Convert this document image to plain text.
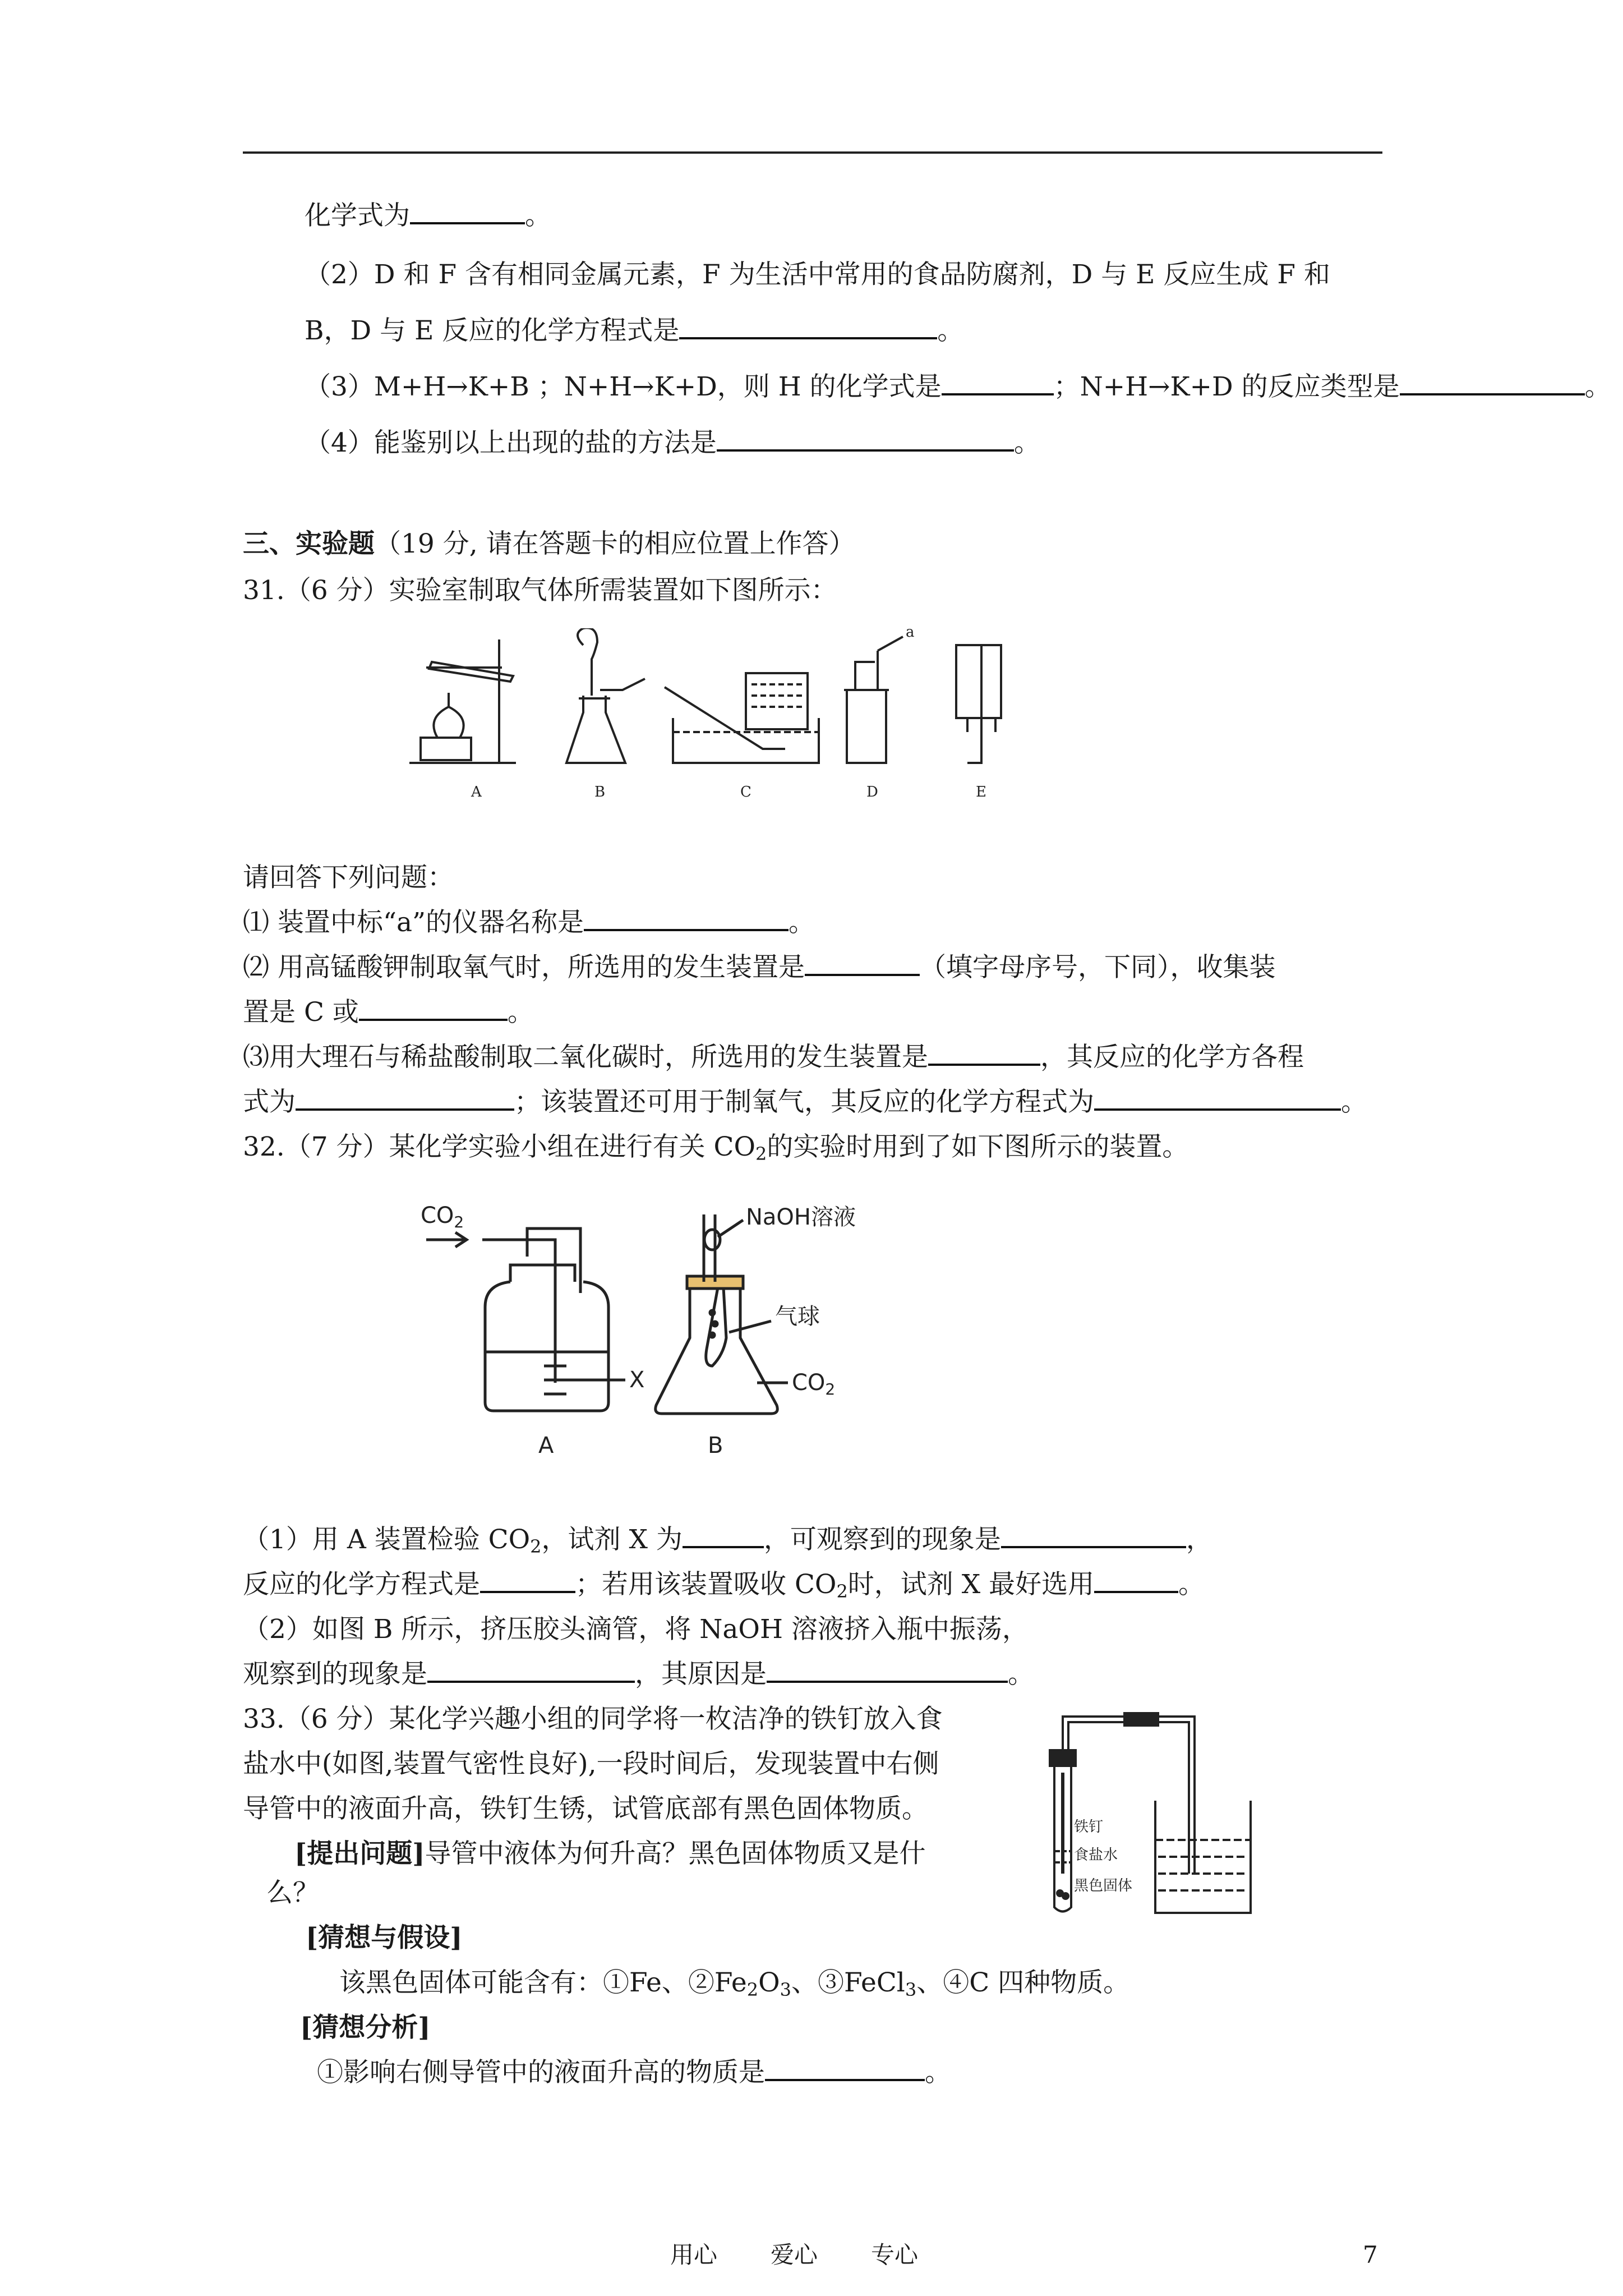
化学式为	。
（2）D 和 F 含有相同金属元素，F 为生活中常用的食品防腐剂，D 与 E 反应生成 F 和
B，D 与 E 反应的化学方程式是	。
（3）M+H→K+B ；N+H→K+D，则 H 的化学式是	；N+H→K+D 的反应类型是	。
（4）能鉴别以上出现的盐的方法是	。
三、实验题（19 分, 请在答题卡的相应位置上作答）
31.（6 分）实验室制取气体所需装置如下图所示：
A	B	C	D	E
a
请回答下列问题：
⑴ 装置中标“a”的仪器名称是	。
⑵ 用高锰酸钾制取氧气时，所选用的发生装置是	（填字母序号，下同），收集装
置是 C 或	。
⑶用大理石与稀盐酸制取二氧化碳时，所选用的发生装置是	，其反应的化学方各程
式为	；该装置还可用于制氧气，其反应的化学方程式为	。
32.（7 分）某化学实验小组在进行有关 $CO_2$的实验时用到了如下图所示的装置。
$CO_2$
X
NaOH溶液
气球
$CO_2$
A	B
（1）用 A 装置检验 $CO_2$，试剂 X 为	，可观察到的现象是	，
反应的化学方程式是	；若用该装置吸收 $CO_2$时，试剂 X 最好选用	。
（2）如图 B 所示，挤压胶头滴管，将 NaOH 溶液挤入瓶中振荡，
观察到的现象是	，其原因是	。
33.（6 分）某化学兴趣小组的同学将一枚洁净的铁钉放入食
盐水中(如图,装置气密性良好),一段时间后，发现装置中右侧
导管中的液面升高，铁钉生锈，试管底部有黑色固体物质。
[提出问题]导管中液体为何升高？黑色固体物质又是什
么？
[猜想与假设]
该黑色固体可能含有：①Fe、$②Fe_2O_3$、③FeCl$_3$、④C 四种物质。
[猜想分析]
①影响右侧导管中的液面升高的物质是	。
铁钉
食盐水
黑色固体
用心 爱心 专心	7
